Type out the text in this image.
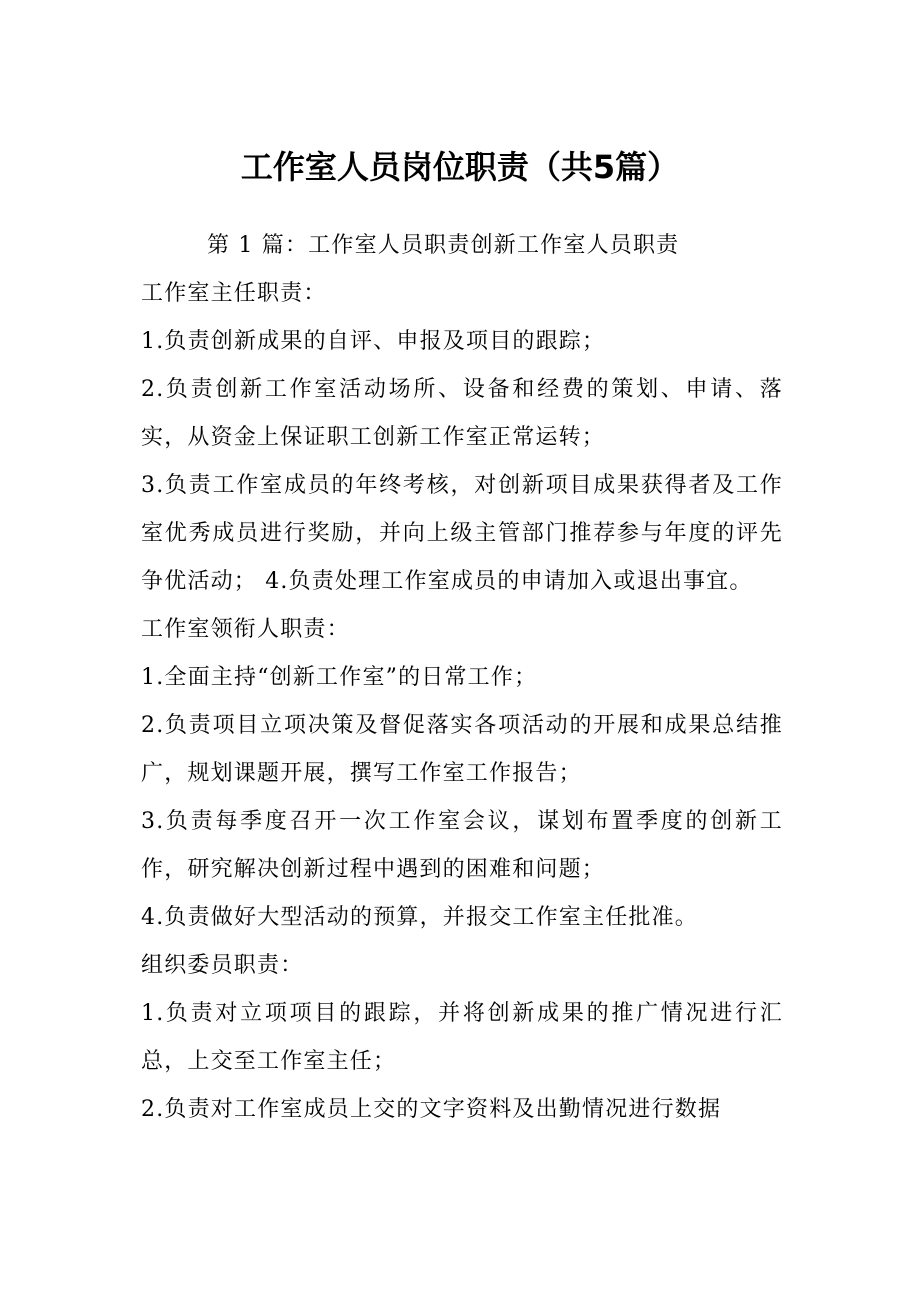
工作室人员岗位职责（共5篇）

第 1 篇：工作室人员职责创新工作室人员职责

工作室主任职责：

1.负责创新成果的自评、申报及项目的跟踪；

2.负责创新工作室活动场所、设备和经费的策划、申请、落实，从资金上保证职工创新工作室正常运转；

3.负责工作室成员的年终考核，对创新项目成果获得者及工作室优秀成员进行奖励，并向上级主管部门推荐参与年度的评先争优活动； 4.负责处理工作室成员的申请加入或退出事宜。

工作室领衔人职责：

1.全面主持“创新工作室”的日常工作；

2.负责项目立项决策及督促落实各项活动的开展和成果总结推广，规划课题开展，撰写工作室工作报告；

3.负责每季度召开一次工作室会议，谋划布置季度的创新工作，研究解决创新过程中遇到的困难和问题；

4.负责做好大型活动的预算，并报交工作室主任批准。

组织委员职责：

1.负责对立项项目的跟踪，并将创新成果的推广情况进行汇总，上交至工作室主任；

2.负责对工作室成员上交的文字资料及出勤情况进行数据
